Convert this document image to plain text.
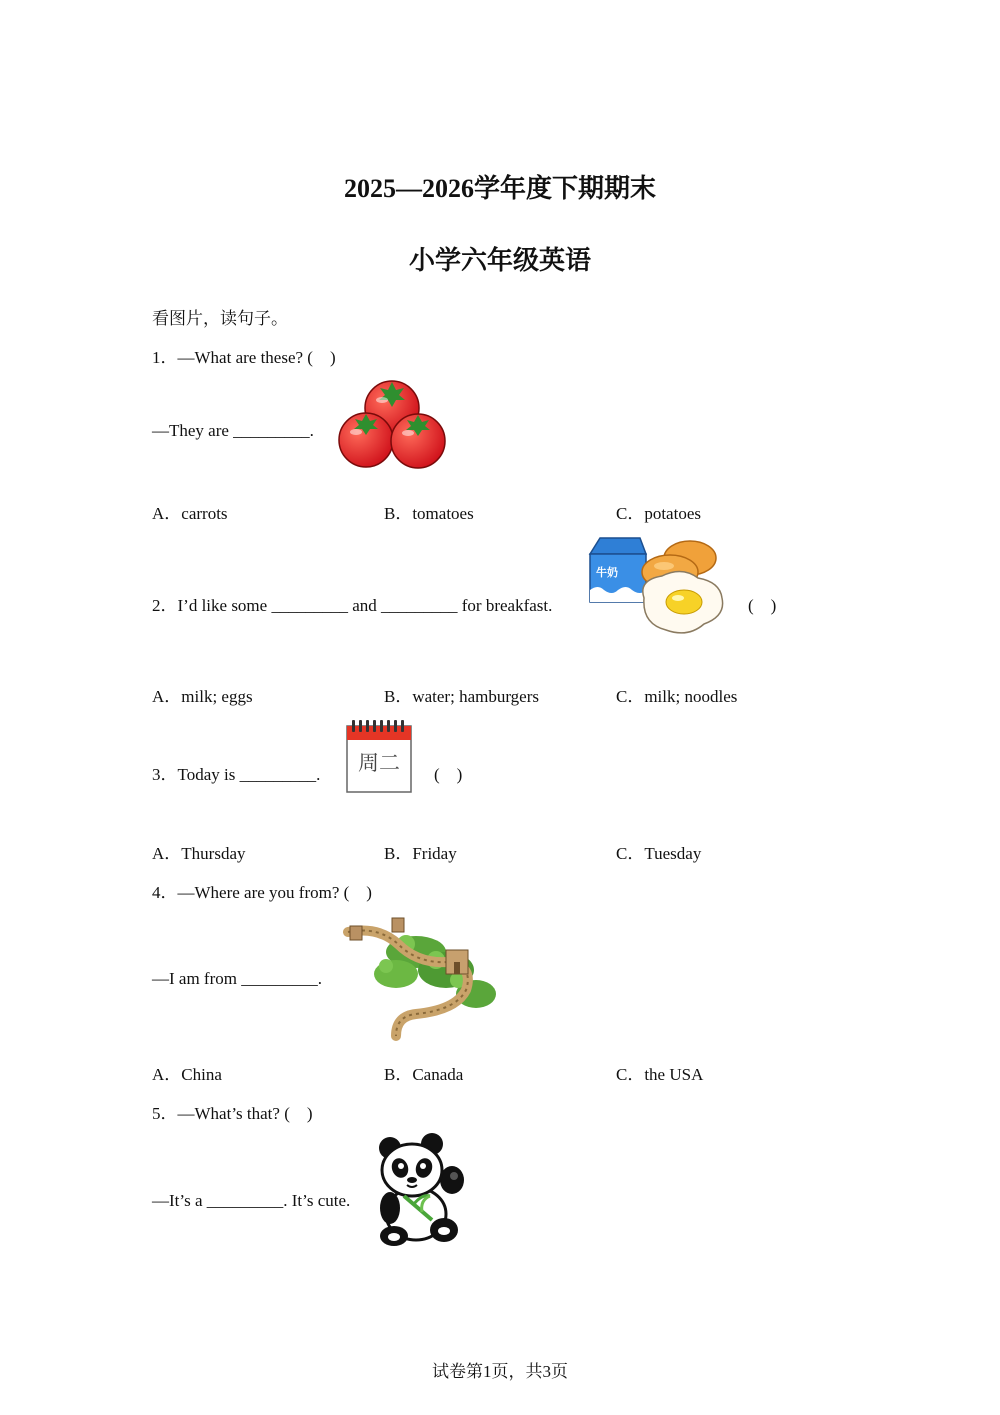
2025—2026学年度下期期末
小学六年级英语
看图片，读句子。
1．—What are these? (　)
—They are _________.
A．carrots	B．tomatoes	C．potatoes
2．I’d like some _________ and _________ for breakfast.
牛奶
(　)
A．milk; eggs	B．water; hamburgers	C．milk; noodles
3．Today is _________. 周二 (　)
A．Thursday	B．Friday	C．Tuesday
4．—Where are you from? (　)
—I am from _________.
A．China	B．Canada	C．the USA
5．—What’s that? (　)
—It’s a _________. It’s cute.
试卷第1页，共3页
